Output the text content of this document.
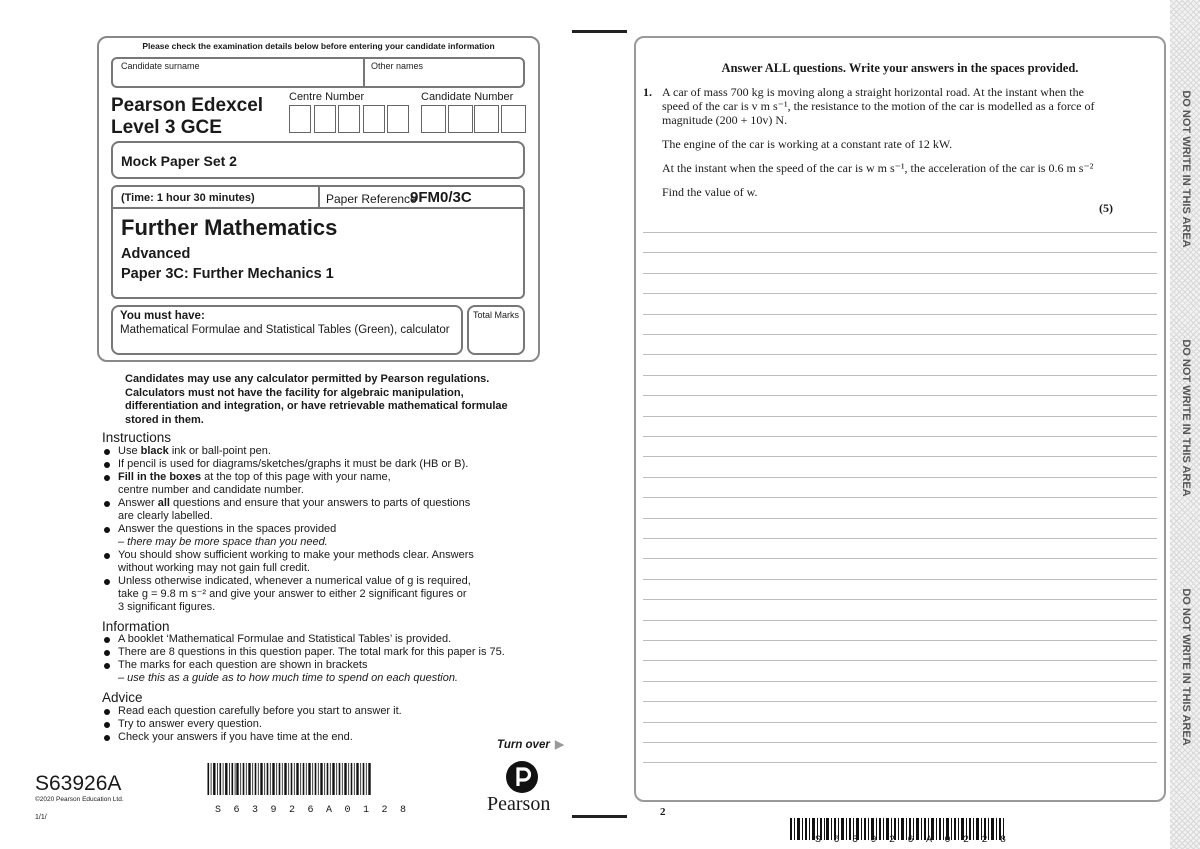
Please check the examination details below before entering your candidate information
Candidate surname	Other names
Pearson Edexcel
Level 3 GCE
Centre Number	Candidate Number
Mock Paper Set 2
(Time: 1 hour 30 minutes)	Paper Reference
9FM0/3C
Further Mathematics
Advanced
Paper 3C: Further Mechanics 1
You must have:
Mathematical Formulae and Statistical Tables (Green), calculator
Total Marks
Candidates may use any calculator permitted by Pearson regulations. Calculators must not have the facility for algebraic manipulation, differentiation and integration, or have retrievable mathematical formulae stored in them.
Instructions
Use black ink or ball-point pen.
If pencil is used for diagrams/sketches/graphs it must be dark (HB or B).
Fill in the boxes at the top of this page with your name,
centre number and candidate number.
Answer all questions and ensure that your answers to parts of questions
are clearly labelled.
Answer the questions in the spaces provided
– there may be more space than you need.
You should show sufficient working to make your methods clear. Answers
without working may not gain full credit.
Unless otherwise indicated, whenever a numerical value of g is required,
take g = 9.8 m s⁻² and give your answer to either 2 significant figures or
3 significant figures.
Information
A booklet ‘Mathematical Formulae and Statistical Tables’ is provided.
There are 8 questions in this question paper. The total mark for this paper is 75.
The marks for each question are shown in brackets
– use this as a guide as to how much time to spend on each question.
Advice
Read each question carefully before you start to answer it.
Try to answer every question.
Check your answers if you have time at the end.
Turn over ▶
S63926A
©2020 Pearson Education Ltd.
1/1/
S63926A0128	Pearson
Answer ALL questions. Write your answers in the spaces provided.
1. A car of mass 700 kg is moving along a straight horizontal road. At the instant when the
speed of the car is v m s⁻¹, the resistance to the motion of the car is modelled as a force of
magnitude (200 + 10v) N.
The engine of the car is working at a constant rate of 12 kW.
At the instant when the speed of the car is w m s⁻¹, the acceleration of the car is 0.6 m s⁻²
Find the value of w.
(5)
2
DO NOT WRITE IN THIS AREA
DO NOT WRITE IN THIS AREA
DO NOT WRITE IN THIS AREA
S63926A0228
